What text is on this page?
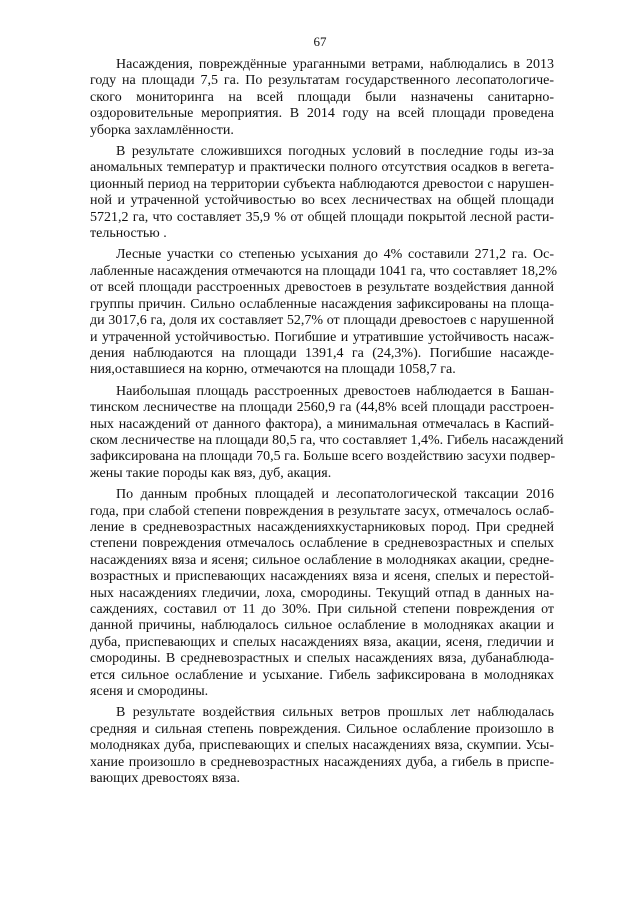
67
Насаждения, повреждённые ураганными ветрами, наблюдались в 2013
году на площади 7,5 га. По результатам государственного лесопатологиче-
ского мониторинга на всей площади были назначены санитарно-
оздоровительные мероприятия. В 2014 году на всей площади проведена
уборка захламлённости.
В результате сложившихся погодных условий в последние годы из-за
аномальных температур и практически полного отсутствия осадков в вегета-
ционный период на территории субъекта наблюдаются древостои с нарушен-
ной и утраченной устойчивостью во всех лесничествах на общей площади
5721,2 га, что составляет 35,9 % от общей площади покрытой лесной расти-
тельностью .
Лесные участки со степенью усыхания до 4% составили 271,2 га. Ос-
лабленные насаждения отмечаются на площади 1041 га, что составляет 18,2%
от всей площади расстроенных древостоев в результате воздействия данной
группы причин. Сильно ослабленные насаждения зафиксированы на площа-
ди 3017,6 га, доля их составляет 52,7% от площади древостоев с нарушенной
и утраченной устойчивостью. Погибшие и утратившие устойчивость насаж-
дения наблюдаются на площади 1391,4 га (24,3%). Погибшие насажде-
ния,оставшиеся на корню, отмечаются на площади 1058,7 га.
Наибольшая площадь расстроенных древостоев наблюдается в Башан-
тинском лесничестве на площади 2560,9 га (44,8% всей площади расстроен-
ных насаждений от данного фактора), а минимальная отмечалась в Каспий-
ском лесничестве на площади 80,5 га, что составляет 1,4%. Гибель насаждений
зафиксирована на площади 70,5 га. Больше всего воздействию засухи подвер-
жены такие породы как вяз, дуб, акация.
По данным пробных площадей и лесопатологической таксации 2016
года, при слабой степени повреждения в результате засух, отмечалось ослаб-
ление в средневозрастных насажденияхкустарниковых пород. При средней
степени повреждения отмечалось ослабление в средневозрастных и спелых
насаждениях вяза и ясеня; сильное ослабление в молодняках акации, средне-
возрастных и приспевающих насаждениях вяза и ясеня, спелых и перестой-
ных насаждениях гледичии, лоха, смородины. Текущий отпад в данных на-
саждениях, составил от 11 до 30%. При сильной степени повреждения от
данной причины, наблюдалось сильное ослабление в молодняках акации и
дуба, приспевающих и спелых насаждениях вяза, акации, ясеня, гледичии и
смородины. В средневозрастных и спелых насаждениях вяза, дубанаблюда-
ется сильное ослабление и усыхание. Гибель зафиксирована в молодняках
ясеня и смородины.
В результате воздействия сильных ветров прошлых лет наблюдалась
средняя и сильная степень повреждения. Сильное ослабление произошло в
молодняках дуба, приспевающих и спелых насаждениях вяза, скумпии. Усы-
хание произошло в средневозрастных насаждениях дуба, а гибель в приспе-
вающих древостоях вяза.
